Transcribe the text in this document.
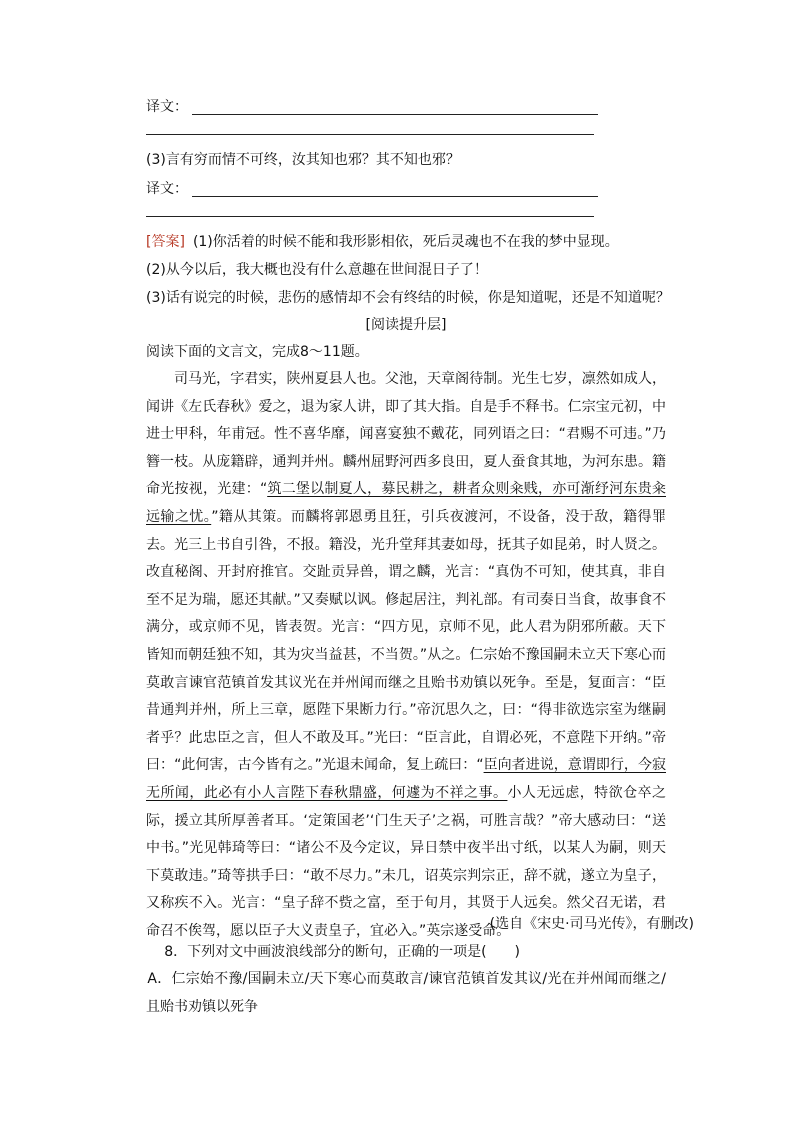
译文：
(3)言有穷而情不可终，汝其知也邪？其不知也邪？
译文：
[答案] (1)你活着的时候不能和我形影相依，死后灵魂也不在我的梦中显现。
(2)从今以后，我大概也没有什么意趣在世间混日子了！
(3)话有说完的时候，悲伤的感情却不会有终结的时候，你是知道呢，还是不知道呢？
[阅读提升层]
阅读下面的文言文，完成8～11题。

司马光，字君实，陕州夏县人也。父池，天章阁待制。光生七岁，凛然如成人，闻讲《左氏春秋》爱之，退为家人讲，即了其大指。自是手不释书。仁宗宝元初，中进士甲科，年甫冠。性不喜华靡，闻喜宴独不戴花，同列语之曰：“君赐不可违。”乃簪一枝。从庞籍辟，通判并州。麟州屈野河西多良田，夏人蚕食其地，为河东患。籍命光按视，光建：“筑二堡以制夏人，募民耕之，耕者众则籴贱，亦可渐纾河东贵籴远输之忧。”籍从其策。而麟将郭恩勇且狂，引兵夜渡河，不设备，没于敌，籍得罪去。光三上书自引咎，不报。籍没，光升堂拜其妻如母，抚其子如昆弟，时人贤之。改直秘阁、开封府推官。交趾贡异兽，谓之麟，光言：“真伪不可知，使其真，非自至不足为瑞，愿还其献。”又奏赋以讽。修起居注，判礼部。有司奏日当食，故事食不满分，或京师不见，皆表贺。光言：“四方见，京师不见，此人君为阴邪所蔽。天下皆知而朝廷独不知，其为灾当益甚，不当贺。”从之。仁宗始不豫国嗣未立天下寒心而莫敢言谏官范镇首发其议光在并州闻而继之且贻书劝镇以死争。至是，复面言：“臣昔通判并州，所上三章，愿陛下果断力行。”帝沉思久之，曰：“得非欲选宗室为继嗣者乎？此忠臣之言，但人不敢及耳。”光曰：“臣言此，自谓必死，不意陛下开纳。”帝曰：“此何害，古今皆有之。”光退未闻命，复上疏曰：“臣向者进说，意谓即行，今寂无所闻，此必有小人言陛下春秋鼎盛，何遽为不祥之事。小人无远虑，特欲仓卒之际，援立其所厚善者耳。‘定策国老’‘门生天子’之祸，可胜言哉？”帝大感动曰：“送中书。”光见韩琦等曰：“诸公不及今定议，异日禁中夜半出寸纸，以某人为嗣，则天下莫敢违。”琦等拱手曰：“敢不尽力。”未几，诏英宗判宗正，辞不就，遂立为皇子，又称疾不入。光言：“皇子辞不赀之富，至于旬月，其贤于人远矣。然父召无诺，君命召不俟驾，愿以臣子大义责皇子，宜必入。”英宗遂受命。

(选自《宋史·司马光传》，有删改)
8．下列对文中画波浪线部分的断句，正确的一项是(　　)
A．仁宗始不豫/国嗣未立/天下寒心而莫敢言/谏官范镇首发其议/光在并州闻而继之/且贻书劝镇以死争
